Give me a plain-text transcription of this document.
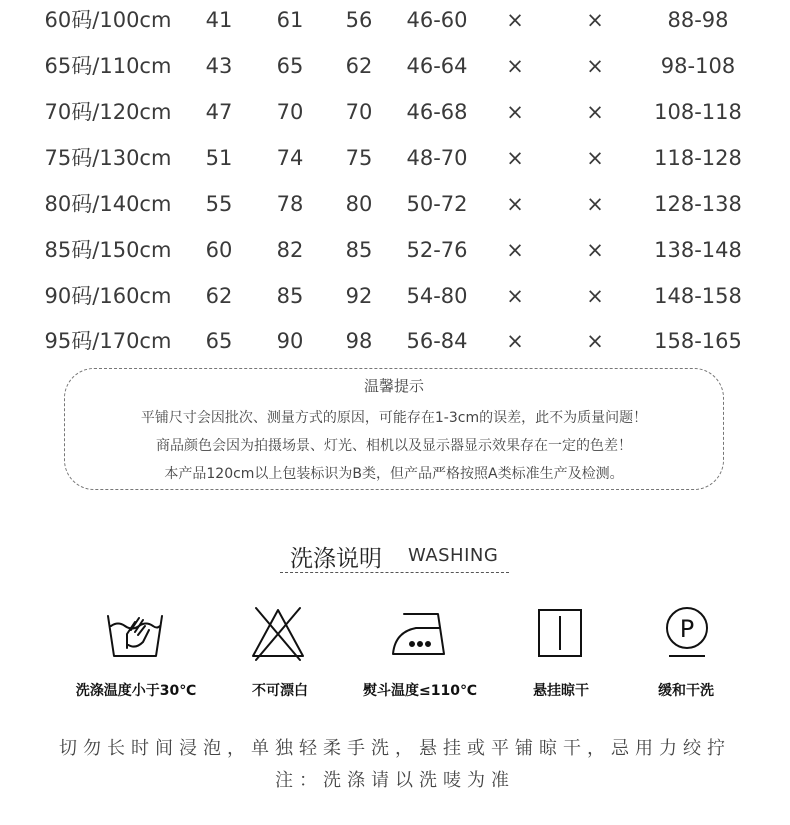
60码/100cm 41 61 56 46-60 ×	×	88-98
65码/110cm 43 65 62 46-64 ×	×	98-108
70码/120cm 47 70 70 46-68 ×	× 108-118
75码/130cm 51 74 75 48-70 ×	× 118-128
80码/140cm 55 78 80 50-72 ×	× 128-138
85码/150cm 60 82 85 52-76 ×	× 138-148
90码/160cm 62 85 92 54-80 ×	× 148-158
95码/170cm 65 90 98 56-84 ×	× 158-165
温馨提示
平铺尺寸会因批次、测量方式的原因，可能存在1-3cm的误差，此不为质量问题！
商品颜色会因为拍摄场景、灯光、相机以及显示器显示效果存在一定的色差！
本产品120cm以上包装标识为B类，但产品严格按照A类标准生产及检测。
洗涤说明 WASHING
P
洗涤温度小于30℃	不可漂白	熨斗温度≤110℃	悬挂晾干	缓和干洗
切勿长时间浸泡，单独轻柔手洗，悬挂或平铺晾干，忌用力绞拧
注：洗涤请以洗唛为准
